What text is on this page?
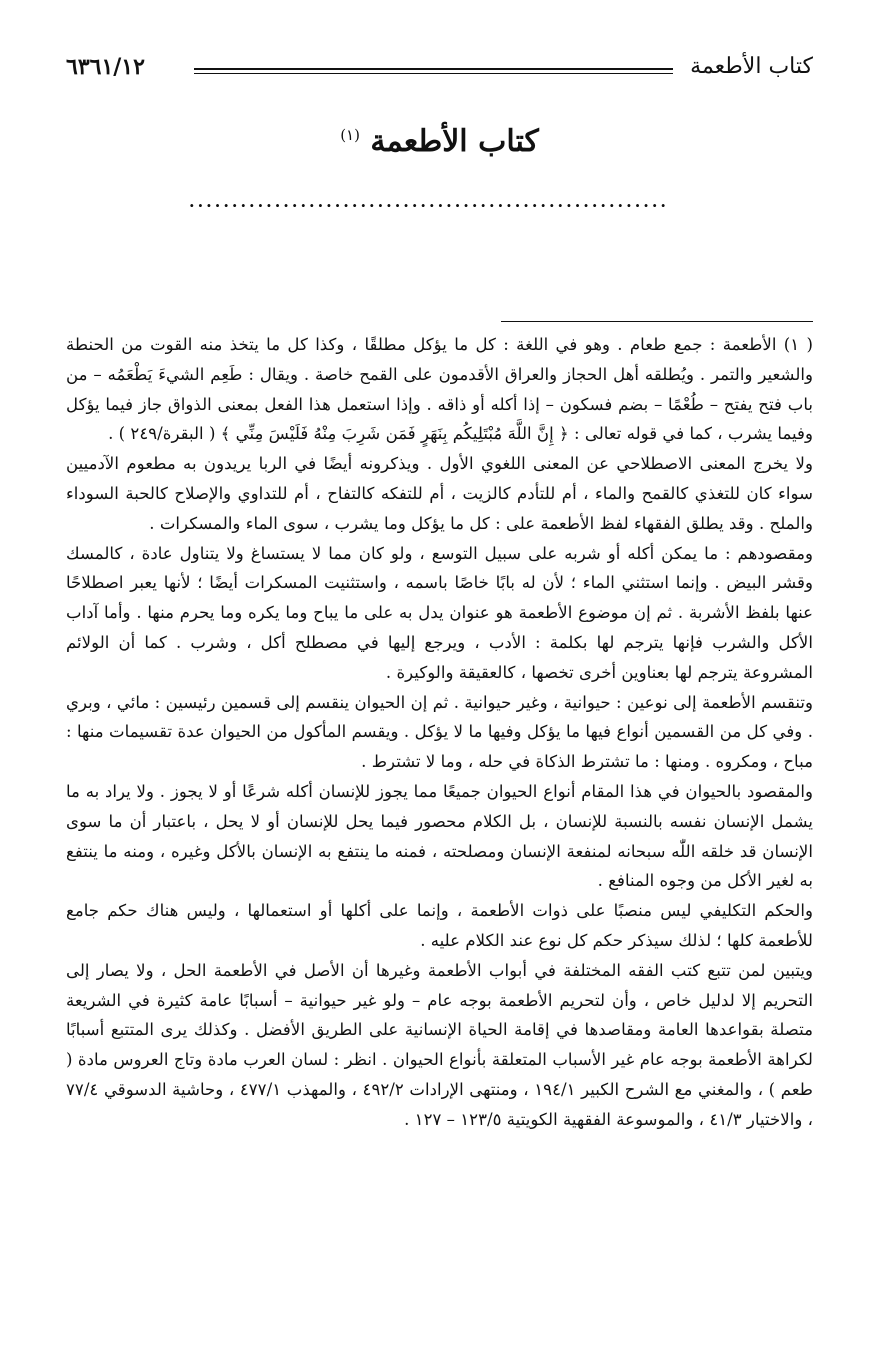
كتاب الأطعمة
٦٣٦١/١٢
كتاب الأطعمة $^{(١)}$
........................................................

( ١) الأطعمة : جمع طعام . وهو في اللغة : كل ما يؤكل مطلقًا ، وكذا كل ما يتخذ منه القوت من الحنطة والشعير والتمر . ويُطلقه أهل الحجاز والعراق الأقدمون على القمح خاصة . ويقال : طَعِم الشيءَ يَطْعَمُه – من باب فتح يفتح – طُعْمًا – بضم فسكون – إذا أكله أو ذاقه . وإذا استعمل هذا الفعل بمعنى الذواق جاز فيما يؤكل وفيما يشرب ، كما في قوله تعالى : ﴿ إِنَّ اللَّهَ مُبْتَلِيكُم بِنَهَرٍ فَمَن شَرِبَ مِنْهُ فَلَيْسَ مِنِّي ﴾ ( البقرة/٢٤٩ ) .

ولا يخرج المعنى الاصطلاحي عن المعنى اللغوي الأول . ويذكرونه أيضًا في الربا يريدون به مطعوم الآدميين سواء كان للتغذي كالقمح والماء ، أم للتأدم كالزيت ، أم للتفكه كالتفاح ، أم للتداوي والإصلاح كالحبة السوداء والملح . وقد يطلق الفقهاء لفظ الأطعمة على : كل ما يؤكل وما يشرب ، سوى الماء والمسكرات .

ومقصودهم : ما يمكن أكله أو شربه على سبيل التوسع ، ولو كان مما لا يستساغ ولا يتناول عادة ، كالمسك وقشر البيض . وإنما استثني الماء ؛ لأن له بابًا خاصًا باسمه ، واستثنيت المسكرات أيضًا ؛ لأنها يعبر اصطلاحًا عنها بلفظ الأشربة . ثم إن موضوع الأطعمة هو عنوان يدل به على ما يباح وما يكره وما يحرم منها . وأما آداب الأكل والشرب فإنها يترجم لها بكلمة : الأدب ، ويرجع إليها في مصطلح أكل ، وشرب . كما أن الولائم المشروعة يترجم لها بعناوين أخرى تخصها ، كالعقيقة والوكيرة .

وتنقسم الأطعمة إلى نوعين : حيوانية ، وغير حيوانية . ثم إن الحيوان ينقسم إلى قسمين رئيسين : مائي ، وبري . وفي كل من القسمين أنواع فيها ما يؤكل وفيها ما لا يؤكل . ويقسم المأكول من الحيوان عدة تقسيمات منها : مباح ، ومكروه . ومنها : ما تشترط الذكاة في حله ، وما لا تشترط .

والمقصود بالحيوان في هذا المقام أنواع الحيوان جميعًا مما يجوز للإنسان أكله شرعًا أو لا يجوز . ولا يراد به ما يشمل الإنسان نفسه بالنسبة للإنسان ، بل الكلام محصور فيما يحل للإنسان أو لا يحل ، باعتبار أن ما سوى الإنسان قد خلقه اللّٰه سبحانه لمنفعة الإنسان ومصلحته ، فمنه ما ينتفع به الإنسان بالأكل وغيره ، ومنه ما ينتفع به لغير الأكل من وجوه المنافع .

والحكم التكليفي ليس منصبًا على ذوات الأطعمة ، وإنما على أكلها أو استعمالها ، وليس هناك حكم جامع للأطعمة كلها ؛ لذلك سيذكر حكم كل نوع عند الكلام عليه .

ويتبين لمن تتبع كتب الفقه المختلفة في أبواب الأطعمة وغيرها أن الأصل في الأطعمة الحل ، ولا يصار إلى التحريم إلا لدليل خاص ، وأن لتحريم الأطعمة بوجه عام – ولو غير حيوانية – أسبابًا عامة كثيرة في الشريعة متصلة بقواعدها العامة ومقاصدها في إقامة الحياة الإنسانية على الطريق الأفضل . وكذلك يرى المتتبع أسبابًا لكراهة الأطعمة بوجه عام غير الأسباب المتعلقة بأنواع الحيوان . انظر : لسان العرب مادة وتاج العروس مادة ( طعم ) ، والمغني مع الشرح الكبير ١٩٤/١ ، ومنتهى الإرادات ٤٩٢/٢ ، والمهذب ٤٧٧/١ ، وحاشية الدسوقي ٧٧/٤ ، والاختيار ٤١/٣ ، والموسوعة الفقهية الكويتية ١٢٣/٥ – ١٢٧ .
